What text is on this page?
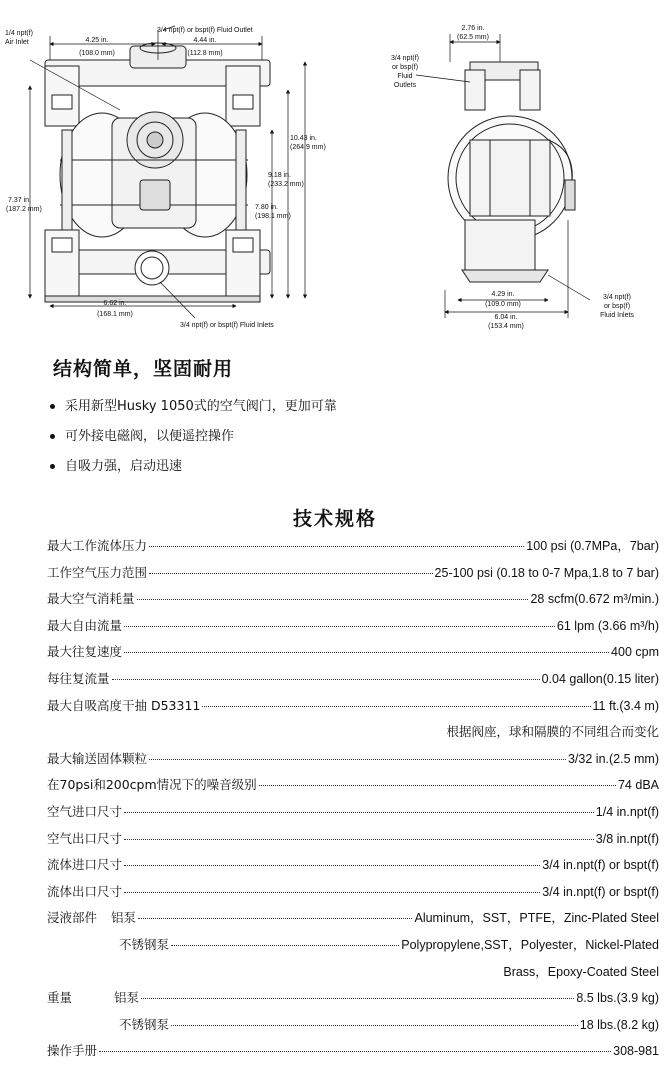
1/4 npt(f)
Air Inlet
3/4 npt(f) or bspt(f) Fluid Outlet
4.25 in.
(108.0 mm)
4.44 in.
(112.8 mm)
10.43 in.
(264.9 mm)
9.18 in.
(233.2 mm)
7.80 in.
(198.1 mm)
7.37 in.
(187.2 mm)
6.62 in.
(168.1 mm)
3/4 npt(f) or bspt(f) Fluid Inlets
2.76 in.
(62.5 mm)
3/4 npt(f)
or bsp(f)
Fluid
Outlets
4.29 in.
(109.0 mm)
6.04 in.
(153.4 mm)
3/4 npt(f)
or bsp(f)
Fluid Inlets
结构简单，坚固耐用
采用新型Husky 1050式的空气阀门，更加可靠
可外接电磁阀，以便遥控操作
自吸力强，启动迅速
技术规格
最大工作流体压力	100 psi (0.7MPa，7bar)
工作空气压力范围	25-100 psi (0.18 to 0-7 Mpa,1.8 to 7 bar)
最大空气消耗量	28 scfm(0.672 m³/min.)
最大自由流量	61 lpm (3.66 m³/h)
最大往复速度	400 cpm
每往复流量	0.04 gallon(0.15 liter)
最大自吸高度干抽 D53311	11 ft.(3.4 m)
根据阀座，球和隔膜的不同组合而变化
最大输送固体颗粒	3/32 in.(2.5 mm)
在70psi和200cpm情况下的噪音级别	74 dBA
空气进口尺寸	1/4 in.npt(f)
空气出口尺寸	3/8 in.npt(f)
流体进口尺寸	3/4 in.npt(f) or bspt(f)
流体出口尺寸	3/4 in.npt(f) or bspt(f)
浸液部件 铝泵	Aluminum，SST，PTFE，Zinc-Plated Steel
不锈钢泵	Polypropylene,SST，Polyester，Nickel-Plated
Brass，Epoxy-Coated Steel
重量	铝泵	8.5 lbs.(3.9 kg)
不锈钢泵	18 lbs.(8.2 kg)
操作手册	308-981
